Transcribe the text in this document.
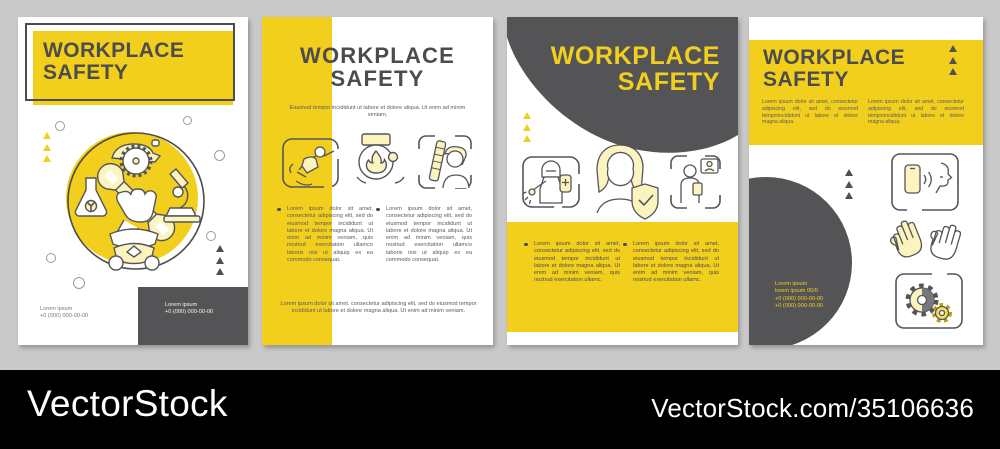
WORKPLACE
SAFETY
Lorem ipsum
+0 (000) 000-00-00
Lorem ipsum
+0 (000) 000-00-00
WORKPLACE
SAFETY
Eiusmod tempor incididunt ut labore et dolore aliqua. Ut enim ad minim veniam.
Lorem ipsum dolor sit amet, consectetur adipiscing elit, sed do eiusmod tempor incididunt ut labore et dolore magna aliqua. Ut enim ad minim veniam, quis nostrud exercitation ullamco laboris nisi ut aliquip ex ea commodo consequat.
Lorem ipsum dolor sit amet, consectetur adipiscing elit, sed do eiusmod tempor incididunt ut labore et dolore magna aliqua. Ut enim ad minim veniam, quis nostrud exercitation ullamco laboris nisi ut aliquip ex ea commodo consequat.
Lorem ipsum dolor sit amet, consectetur adipiscing elit, sed do eiusmod tempor incididunt ut labore et dolore magna aliqua. Ut enim ad minim veniam.
WORKPLACE
SAFETY
Lorem ipsum dolor sit amet, consectetur adipiscing elit, sed do eiusmod tempor incididunt ut labore et dolore magna aliqua. Ut enim ad minim veniam, quis nostrud exercitation ullamc.
Lorem ipsum dolor sit amet, consectetur adipiscing elit, sed do eiusmod tempor incididunt ut labore et dolore magna aliqua. Ut enim ad minim veniam, quis nostrud exercitation ullamc.
WORKPLACE
SAFETY
Lorem ipsum dolor sit amet, consectetur adipiscing elit, sed do eiusmod temporincididunt ut labore et dolore magna aliqua.
Lorem ipsum dolor sit amet, consectetur adipiscing elit, sed do eiusmod temporincididunt ut labore et dolore magna aliqua.
Lorem ipsum
lorem ipsum 00/0
+0 (000) 000-00-00
+0 (000) 000-00-00
VectorStock	VectorStock.com/35106636
